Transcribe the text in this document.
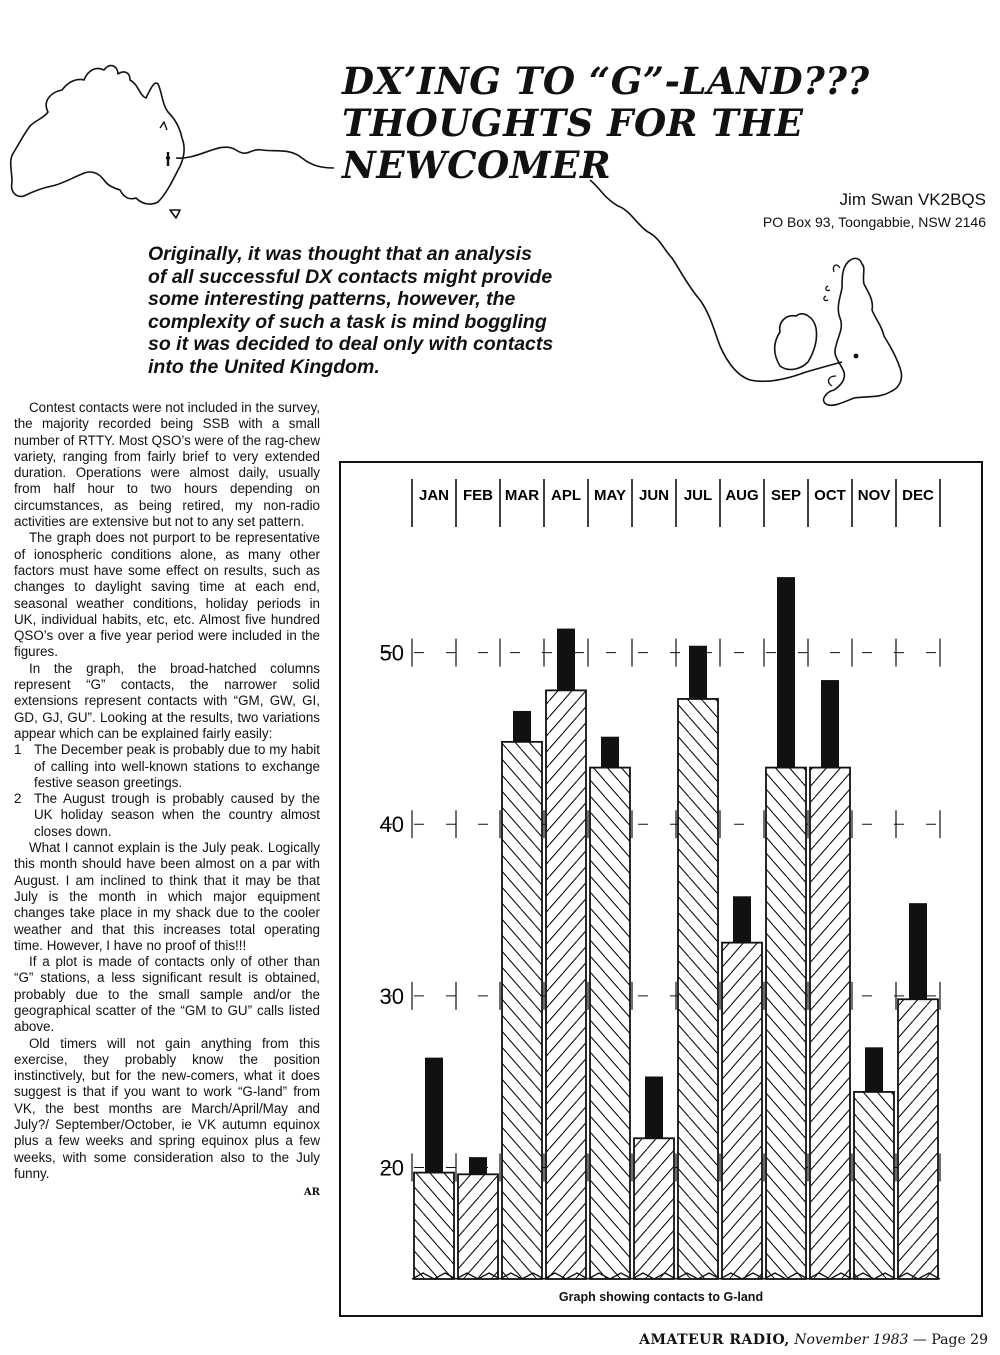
DX’ING TO “G”-LAND???
THOUGHTS FOR THE
NEWCOMER
Jim Swan VK2BQS
PO Box 93, Toongabbie, NSW 2146
Originally, it was thought that an analysis
of all successful DX contacts might provide
some interesting patterns, however, the
complexity of such a task is mind boggling
so it was decided to deal only with contacts
into the United Kingdom.

Contest contacts were not included in the survey, the majority recorded being SSB with a small number of RTTY. Most QSO’s were of the rag-chew variety, ranging from fairly brief to very extended duration. Operations were almost daily, usually from half hour to two hours depending on circumstances, as being retired, my non-radio activities are extensive but not to any set pattern.

The graph does not purport to be representative of ionospheric conditions alone, as many other factors must have some effect on results, such as changes to daylight saving time at each end, seasonal weather conditions, holiday periods in UK, individual habits, etc, etc. Almost five hundred QSO’s over a five year period were included in the figures.

In the graph, the broad-hatched columns represent “G” contacts, the narrower solid extensions represent contacts with “GM, GW, GI, GD, GJ, GU”. Looking at the results, two variations appear which can be explained fairly easily:

1 The December peak is probably due to my habit of calling into well-known stations to exchange festive season greetings.

2 The August trough is probably caused by the UK holiday season when the country almost closes down.

What I cannot explain is the July peak. Logically this month should have been almost on a par with August. I am inclined to think that it may be that July is the month in which major equipment changes take place in my shack due to the cooler weather and that this increases total operating time. However, I have no proof of this!!!

If a plot is made of contacts only of other than “G” stations, a less significant result is obtained, probably due to the small sample and/or the geographical scatter of the “GM to GU” calls listed above.

Old timers will not gain anything from this exercise, they probably know the position instinctively, but for the new-comers, what it does suggest is that if you want to work “G-land” from VK, the best months are March/April/May and July?/ September/October, ie VK autumn equinox plus a few weeks and spring equinox plus a few weeks, with some consideration also to the July funny.

AR

JAN FEB MAR APL MAY JUN JUL AUG SEP OCT NOV DEC
20
30
40
50
Graph showing contacts to G-land
AMATEUR RADIO, November 1983 — Page 29
